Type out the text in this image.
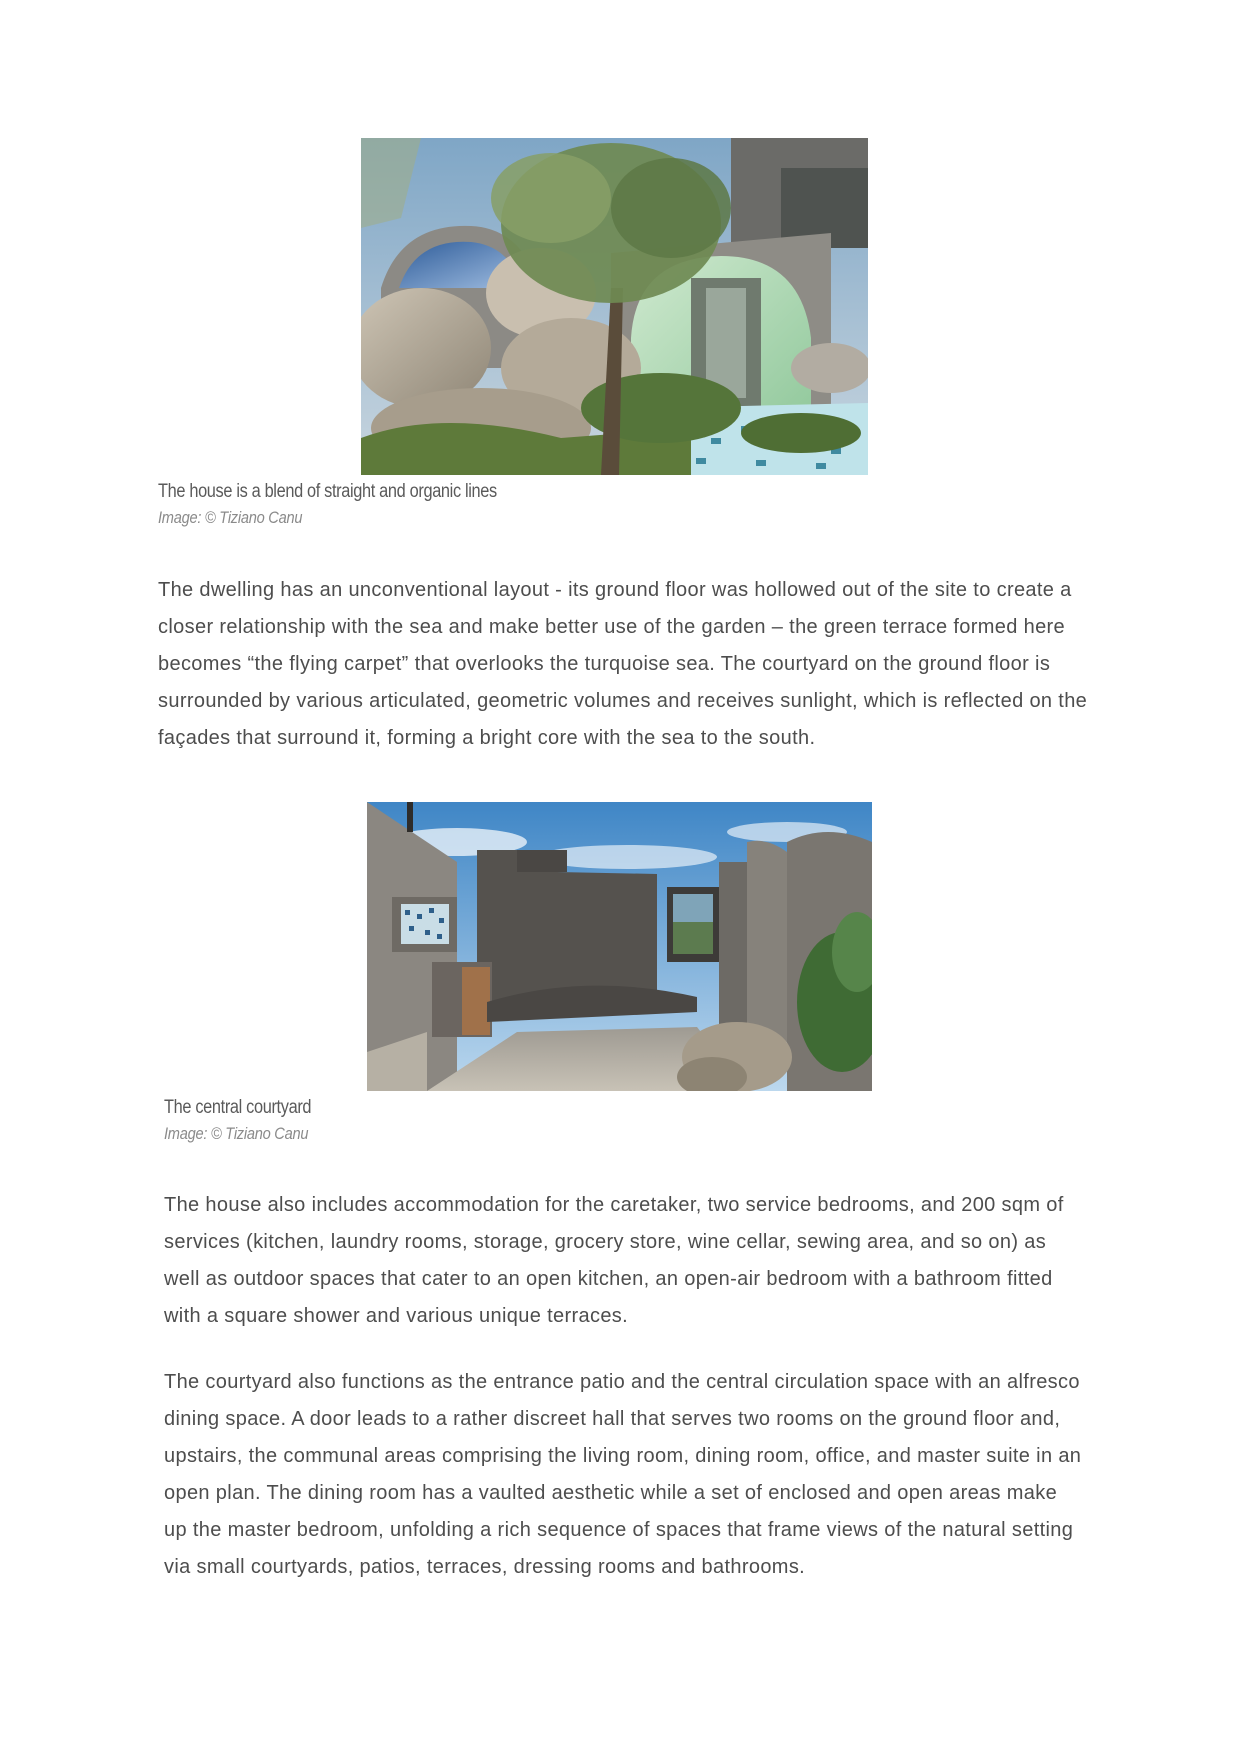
The house is a blend of straight and organic lines
Image: © Tiziano Canu

The dwelling has an unconventional layout - its ground floor was hollowed out of the site to create a closer relationship with the sea and make better use of the garden – the green terrace formed here becomes “the flying carpet” that overlooks the turquoise sea. The courtyard on the ground floor is surrounded by various articulated, geometric volumes and receives sunlight, which is reflected on the façades that surround it, forming a bright core with the sea to the south.

The central courtyard
Image: © Tiziano Canu

The house also includes accommodation for the caretaker, two service bedrooms, and 200 sqm of services (kitchen, laundry rooms, storage, grocery store, wine cellar, sewing area, and so on) as well as outdoor spaces that cater to an open kitchen, an open-air bedroom with a bathroom fitted with a square shower and various unique terraces.

The courtyard also functions as the entrance patio and the central circulation space with an alfresco dining space. A door leads to a rather discreet hall that serves two rooms on the ground floor and, upstairs, the communal areas comprising the living room, dining room, office, and master suite in an open plan. The dining room has a vaulted aesthetic while a set of enclosed and open areas make up the master bedroom, unfolding a rich sequence of spaces that frame views of the natural setting via small courtyards, patios, terraces, dressing rooms and bathrooms.
